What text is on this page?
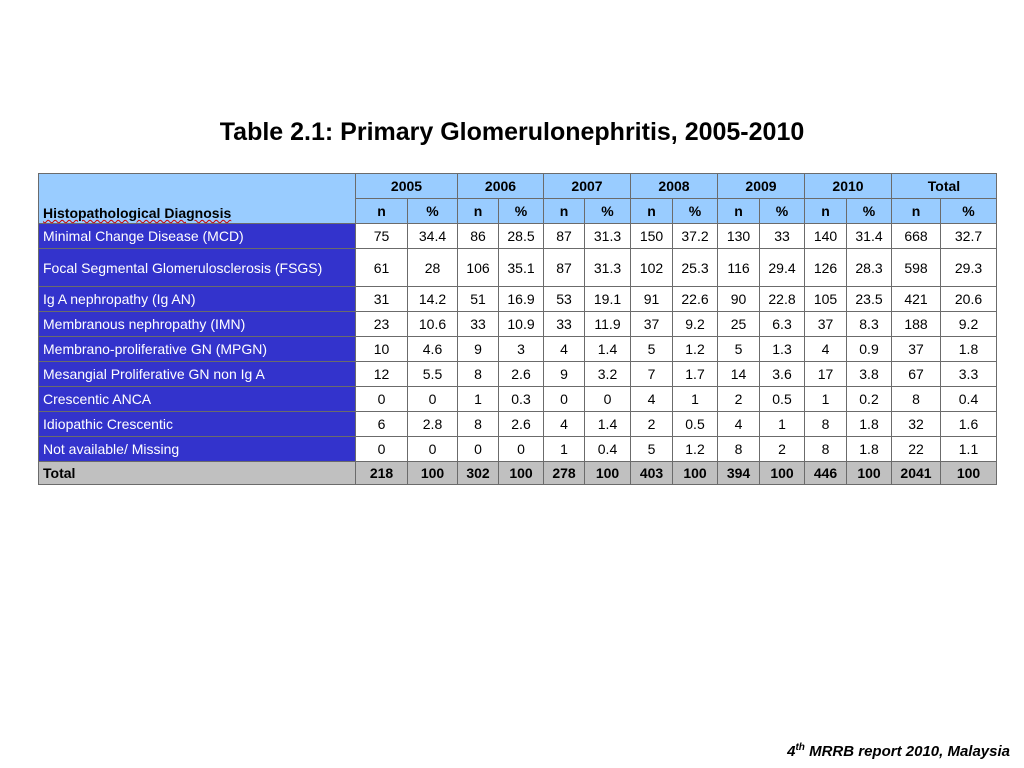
Table 2.1: Primary Glomerulonephritis, 2005-2010
Histopathological Diagnosis	2005		2006		2007		2008		2009		2010		Total	
	n	%	n	%	n	%	n	%	n	%	n	%	n	%
Minimal Change Disease (MCD)	75	34.4	86	28.5	87	31.3	150	37.2	130	33	140	31.4	668	32.7
Focal Segmental Glomerulosclerosis (FSGS)	61	28	106	35.1	87	31.3	102	25.3	116	29.4	126	28.3	598	29.3
Ig A nephropathy (Ig AN)	31	14.2	51	16.9	53	19.1	91	22.6	90	22.8	105	23.5	421	20.6
Membranous nephropathy (IMN)	23	10.6	33	10.9	33	11.9	37	9.2	25	6.3	37	8.3	188	9.2
Membrano-proliferative GN (MPGN)	10	4.6	9	3	4	1.4	5	1.2	5	1.3	4	0.9	37	1.8
Mesangial Proliferative GN non Ig A	12	5.5	8	2.6	9	3.2	7	1.7	14	3.6	17	3.8	67	3.3
Crescentic ANCA	0	0	1	0.3	0	0	4	1	2	0.5	1	0.2	8	0.4
Idiopathic Crescentic	6	2.8	8	2.6	4	1.4	2	0.5	4	1	8	1.8	32	1.6
Not available/ Missing	0	0	0	0	1	0.4	5	1.2	8	2	8	1.8	22	1.1
Total	218	100	302	100	278	100	403	100	394	100	446	100	2041	100
4th MRRB report 2010, Malaysia
